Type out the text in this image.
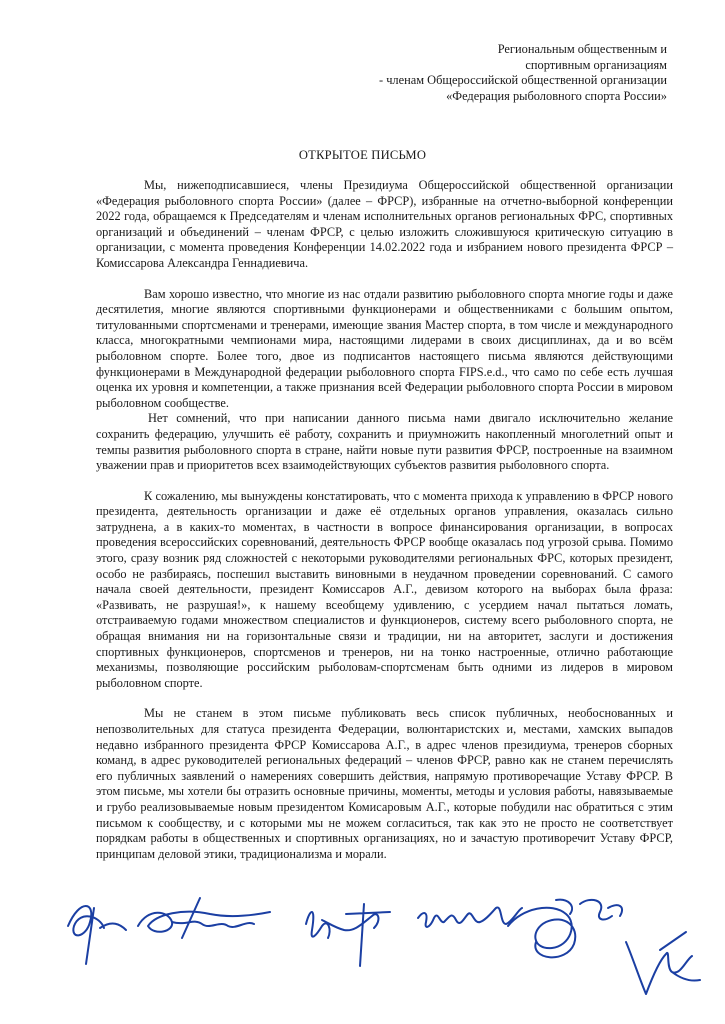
Региональным общественным и
спортивным организациям
- членам Общероссийской общественной организации
«Федерация рыболовного спорта России»
ОТКРЫТОЕ ПИСЬМО

Мы, нижеподписавшиеся, члены Президиума Общероссийской общественной организации «Федерация рыболовного спорта России» (далее – ФРСР), избранные на отчетно-выборной конференции 2022 года, обращаемся к Председателям и членам исполнительных органов региональных ФРС, спортивных организаций и объединений – членам ФРСР, с целью изложить сложившуюся критическую ситуацию в организации, с момента проведения Конференции 14.02.2022 года и избранием нового президента ФРСР – Комиссарова Александра Геннадиевича.

Вам хорошо известно, что многие из нас отдали развитию рыболовного спорта многие годы и даже десятилетия, многие являются спортивными функционерами и общественниками с большим опытом, титулованными спортсменами и тренерами, имеющие звания Мастер спорта, в том числе и международного класса, многократными чемпионами мира, настоящими лидерами в своих дисциплинах, да и во всём рыболовном спорте. Более того, двое из подписантов настоящего письма являются действующими функционерами в Международной федерации рыболовного спорта FIPS.e.d., что само по себе есть лучшая оценка их уровня и компетенции, а также признания всей Федерации рыболовного спорта России в мировом рыболовном сообществе.

Нет сомнений, что при написании данного письма нами двигало исключительно желание сохранить федерацию, улучшить её работу, сохранить и приумножить накопленный многолетний опыт и темпы развития рыболовного спорта в стране, найти новые пути развития ФРСР, построенные на взаимном уважении прав и приоритетов всех взаимодействующих субъектов развития рыболовного спорта.

К сожалению, мы вынуждены констатировать, что с момента прихода к управлению в ФРСР нового президента, деятельность организации и даже её отдельных органов управления, оказалась сильно затруднена, а в каких-то моментах, в частности в вопросе финансирования организации, в вопросах проведения всероссийских соревнований, деятельность ФРСР вообще оказалась под угрозой срыва. Помимо этого, сразу возник ряд сложностей с некоторыми руководителями региональных ФРС, которых президент, особо не разбираясь, поспешил выставить виновными в неудачном проведении соревнований. С самого начала своей деятельности, президент Комиссаров А.Г., девизом которого на выборах была фраза: «Развивать, не разрушая!», к нашему всеобщему удивлению, с усердием начал пытаться ломать, отстраиваемую годами множеством специалистов и функционеров, систему всего рыболовного спорта, не обращая внимания ни на горизонтальные связи и традиции, ни на авторитет, заслуги и достижения спортивных функционеров, спортсменов и тренеров, ни на тонко настроенные, отлично работающие механизмы, позволяющие российским рыболовам-спортсменам быть одними из лидеров в мировом рыболовном спорте.

Мы не станем в этом письме публиковать весь список публичных, необоснованных и непозволительных для статуса президента Федерации, волюнтаристских и, местами, хамских выпадов недавно избранного президента ФРСР Комиссарова А.Г., в адрес членов президиума, тренеров сборных команд, в адрес руководителей региональных федераций – членов ФРСР, равно как не станем перечислять его публичных заявлений о намерениях совершить действия, напрямую противоречащие Уставу ФРСР. В этом письме, мы хотели бы отразить основные причины, моменты, методы и условия работы, навязываемые и грубо реализовываемые новым президентом Комисаровым А.Г., которые побудили нас обратиться с этим письмом к сообществу, и с которыми мы не можем согласиться, так как это не просто не соответствует порядкам работы в общественных и спортивных организациях, но и зачастую противоречит Уставу ФРСР, принципам деловой этики, традиционализма и морали.
